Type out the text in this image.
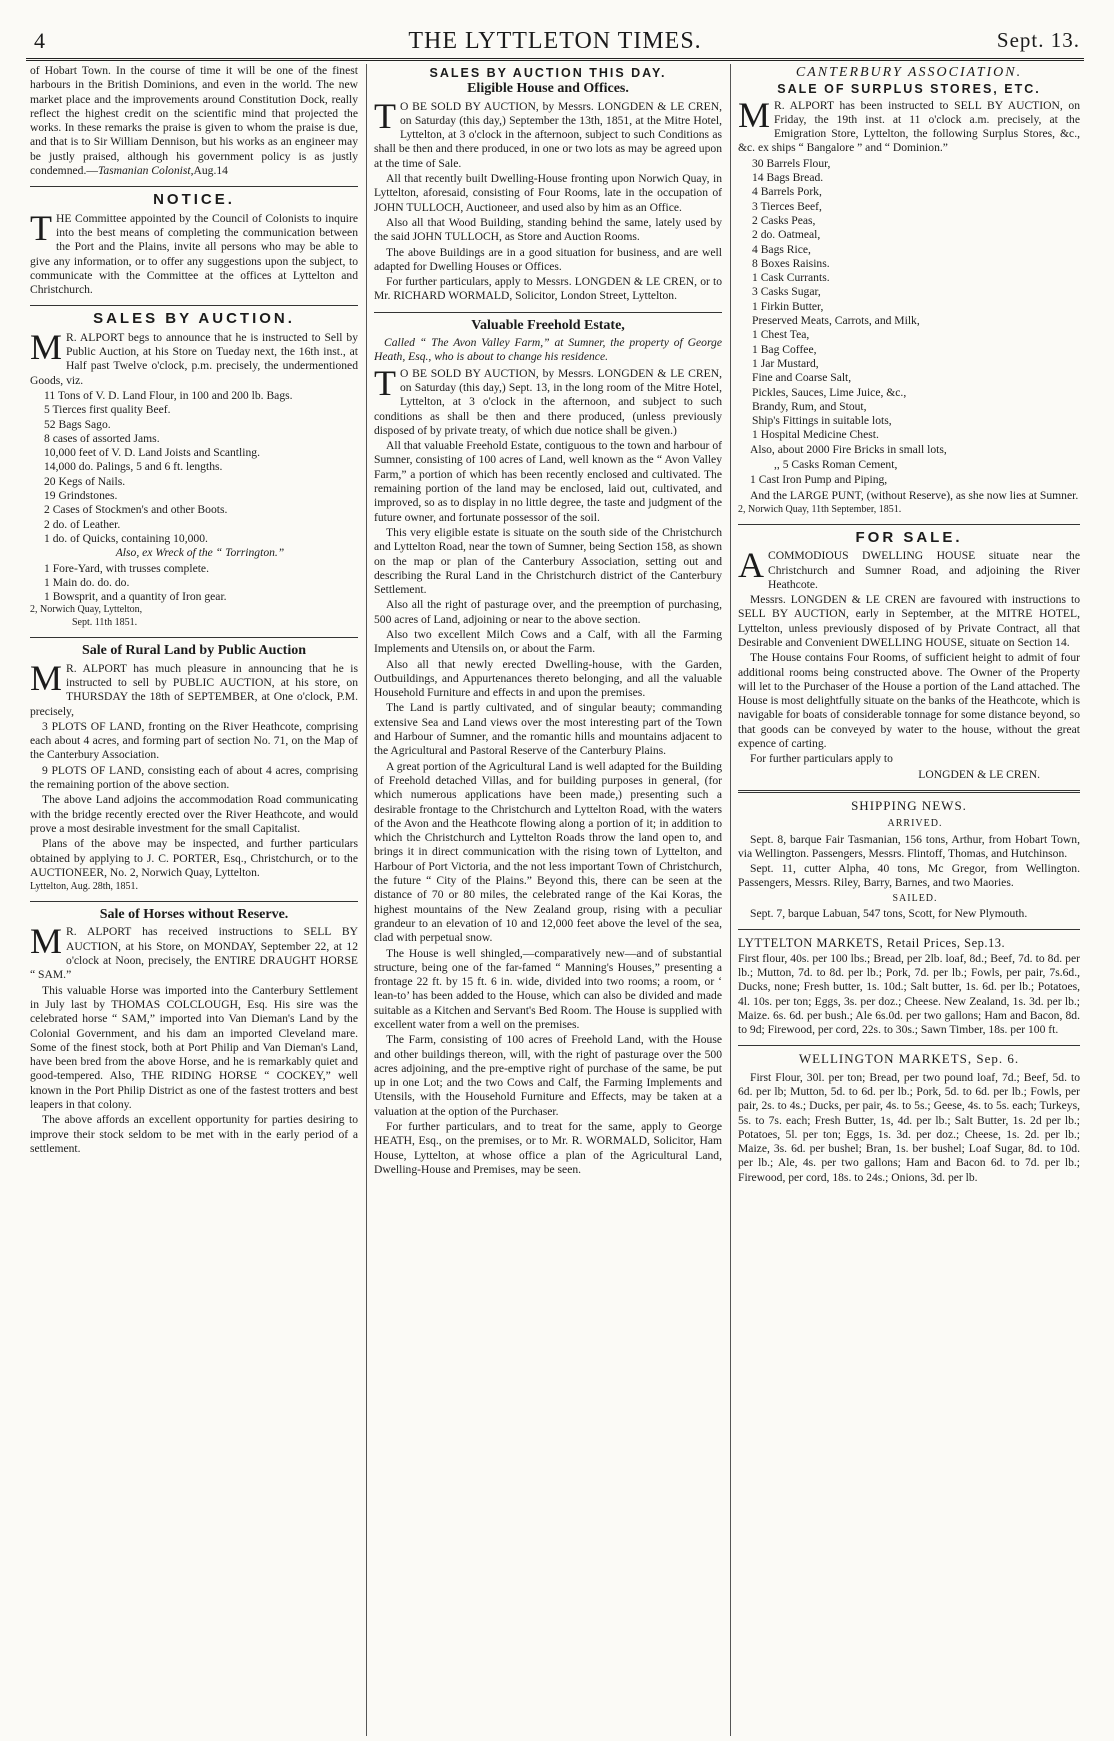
4	THE LYTTLETON TIMES.	Sept. 13.

of Hobart Town. In the course of time it will be one of the finest harbours in the British Dominions, and even in the world. The new market place and the improvements around Constitution Dock, really reflect the highest credit on the scientific mind that projected the works. In these remarks the praise is given to whom the praise is due, and that is to Sir William Dennison, but his works as an engineer may be justly praised, although his government policy is as justly condemned.—Tasmanian Colonist,Aug.14

NOTICE.

THE Committee appointed by the Council of Colonists to inquire into the best means of completing the communication between the Port and the Plains, invite all persons who may be able to give any information, or to offer any suggestions upon the subject, to communicate with the Committee at the offices at Lyttelton and Christchurch.

SALES BY AUCTION.

M R. ALPORT begs to announce that he is instructed to Sell by Public Auction, at his Store on Tueday next, the 16th inst., at Half past Twelve o'clock, p.m. precisely, the undermentioned Goods, viz.

11 Tons of V. D. Land Flour, in 100 and 200 lb. Bags.
5 Tierces first quality Beef.
52 Bags Sago.
8 cases of assorted Jams.
10,000 feet of V. D. Land Joists and Scantling.
14,000 do. Palings, 5 and 6 ft. lengths.
20 Kegs of Nails.
19 Grindstones.
2 Cases of Stockmen's and other Boots.
2 do. of Leather.
1 do. of Quicks, containing 10,000.

Also, ex Wreck of the “ Torrington.”

1 Fore-Yard, with trusses complete.
1 Main do. do. do.
1 Bowsprit, and a quantity of Iron gear.

2, Norwich Quay, Lyttelton,

Sept. 11th 1851.

Sale of Rural Land by Public Auction

M R. ALPORT has much pleasure in announcing that he is instructed to sell by PUBLIC AUCTION, at his store, on THURSDAY the 18th of SEPTEMBER, at One o'clock, P.M. precisely,

3 PLOTS OF LAND, fronting on the River Heathcote, comprising each about 4 acres, and forming part of section No. 71, on the Map of the Canterbury Association.

9 PLOTS OF LAND, consisting each of about 4 acres, comprising the remaining portion of the above section.

The above Land adjoins the accommodation Road communicating with the bridge recently erected over the River Heathcote, and would prove a most desirable investment for the small Capitalist.

Plans of the above may be inspected, and further particulars obtained by applying to J. C. PORTER, Esq., Christchurch, or to the AUCTIONEER, No. 2, Norwich Quay, Lyttelton.

Lyttelton, Aug. 28th, 1851.

Sale of Horses without Reserve.

M R. ALPORT has received instructions to SELL BY AUCTION, at his Store, on MONDAY, September 22, at 12 o'clock at Noon, precisely, the ENTIRE DRAUGHT HORSE “ SAM.”

This valuable Horse was imported into the Canterbury Settlement in July last by THOMAS COLCLOUGH, Esq. His sire was the celebrated horse “ SAM,” imported into Van Dieman's Land by the Colonial Government, and his dam an imported Cleveland mare. Some of the finest stock, both at Port Philip and Van Dieman's Land, have been bred from the above Horse, and he is remarkably quiet and good-tempered. Also, THE RIDING HORSE “ COCKEY,” well known in the Port Philip District as one of the fastest trotters and best leapers in that colony.

The above affords an excellent opportunity for parties desiring to improve their stock seldom to be met with in the early period of a settlement.

SALES BY AUCTION THIS DAY.
Eligible House and Offices.

T O BE SOLD BY AUCTION, by Messrs. LONGDEN & LE CREN, on Saturday (this day,) September the 13th, 1851, at the Mitre Hotel, Lyttelton, at 3 o'clock in the afternoon, subject to such Conditions as shall be then and there produced, in one or two lots as may be agreed upon at the time of Sale.

All that recently built Dwelling-House fronting upon Norwich Quay, in Lyttelton, aforesaid, consisting of Four Rooms, late in the occupation of JOHN TULLOCH, Auctioneer, and used also by him as an Office.

Also all that Wood Building, standing behind the same, lately used by the said JOHN TULLOCH, as Store and Auction Rooms.

The above Buildings are in a good situation for business, and are well adapted for Dwelling Houses or Offices.

For further particulars, apply to Messrs. LONGDEN & LE CREN, or to Mr. RICHARD WORMALD, Solicitor, London Street, Lyttelton.

Valuable Freehold Estate,

Called “ The Avon Valley Farm,” at Sumner, the property of George Heath, Esq., who is about to change his residence.

T O BE SOLD BY AUCTION, by Messrs. LONGDEN & LE CREN, on Saturday (this day,) Sept. 13, in the long room of the Mitre Hotel, Lyttelton, at 3 o'clock in the afternoon, and subject to such conditions as shall be then and there produced, (unless previously disposed of by private treaty, of which due notice shall be given.)

All that valuable Freehold Estate, contiguous to the town and harbour of Sumner, consisting of 100 acres of Land, well known as the “ Avon Valley Farm,” a portion of which has been recently enclosed and cultivated. The remaining portion of the land may be enclosed, laid out, cultivated, and improved, so as to display in no little degree, the taste and judgment of the future owner, and fortunate possessor of the soil.

This very eligible estate is situate on the south side of the Christchurch and Lyttelton Road, near the town of Sumner, being Section 158, as shown on the map or plan of the Canterbury Association, setting out and describing the Rural Land in the Christchurch district of the Canterbury Settlement.

Also all the right of pasturage over, and the preemption of purchasing, 500 acres of Land, adjoining or near to the above section.

Also two excellent Milch Cows and a Calf, with all the Farming Implements and Utensils on, or about the Farm.

Also all that newly erected Dwelling-house, with the Garden, Outbuildings, and Appurtenances thereto belonging, and all the valuable Household Furniture and effects in and upon the premises.

The Land is partly cultivated, and of singular beauty; commanding extensive Sea and Land views over the most interesting part of the Town and Harbour of Sumner, and the romantic hills and mountains adjacent to the Agricultural and Pastoral Reserve of the Canterbury Plains.

A great portion of the Agricultural Land is well adapted for the Building of Freehold detached Villas, and for building purposes in general, (for which numerous applications have been made,) presenting such a desirable frontage to the Christchurch and Lyttelton Road, with the waters of the Avon and the Heathcote flowing along a portion of it; in addition to which the Christchurch and Lyttelton Roads throw the land open to, and brings it in direct communication with the rising town of Lyttelton, and Harbour of Port Victoria, and the not less important Town of Christchurch, the future “ City of the Plains.” Beyond this, there can be seen at the distance of 70 or 80 miles, the celebrated range of the Kai Koras, the highest mountains of the New Zealand group, rising with a peculiar grandeur to an elevation of 10 and 12,000 feet above the level of the sea, clad with perpetual snow.

The House is well shingled,—comparatively new—and of substantial structure, being one of the far-famed “ Manning's Houses,” presenting a frontage 22 ft. by 15 ft. 6 in. wide, divided into two rooms; a room, or ‘ lean-to’ has been added to the House, which can also be divided and made suitable as a Kitchen and Servant's Bed Room. The House is supplied with excellent water from a well on the premises.

The Farm, consisting of 100 acres of Freehold Land, with the House and other buildings thereon, will, with the right of pasturage over the 500 acres adjoining, and the pre-emptive right of purchase of the same, be put up in one Lot; and the two Cows and Calf, the Farming Implements and Utensils, with the Household Furniture and Effects, may be taken at a valuation at the option of the Purchaser.

For further particulars, and to treat for the same, apply to George HEATH, Esq., on the premises, or to Mr. R. WORMALD, Solicitor, Ham House, Lyttelton, at whose office a plan of the Agricultural Land, Dwelling-House and Premises, may be seen.

CANTERBURY ASSOCIATION.
SALE OF SURPLUS STORES, ETC.

M R. ALPORT has been instructed to SELL BY AUCTION, on Friday, the 19th inst. at 11 o'clock a.m. precisely, at the Emigration Store, Lyttelton, the following Surplus Stores, &c., &c. ex ships “ Bangalore ” and “ Dominion.”

30 Barrels Flour,
14 Bags Bread.
4 Barrels Pork,
3 Tierces Beef,
2 Casks Peas,
2 do. Oatmeal,
4 Bags Rice,
8 Boxes Raisins.
1 Cask Currants.
3 Casks Sugar,
1 Firkin Butter,
Preserved Meats, Carrots, and Milk,
1 Chest Tea,
1 Bag Coffee,
1 Jar Mustard,
Fine and Coarse Salt,
Pickles, Sauces, Lime Juice, &c.,
Brandy, Rum, and Stout,
Ship's Fittings in suitable lots,
1 Hospital Medicine Chest.

Also, about 2000 Fire Bricks in small lots,

,, 5 Casks Roman Cement,

1 Cast Iron Pump and Piping,

And the LARGE PUNT, (without Reserve), as she now lies at Sumner.

2, Norwich Quay, 11th September, 1851.

FOR SALE.

ACOMMODIOUS DWELLING HOUSE situate near the Christchurch and Sumner Road, and adjoining the River Heathcote.

Messrs. LONGDEN & LE CREN are favoured with instructions to SELL BY AUCTION, early in September, at the MITRE HOTEL, Lyttelton, unless previously disposed of by Private Contract, all that Desirable and Convenient DWELLING HOUSE, situate on Section 14.

The House contains Four Rooms, of sufficient height to admit of four additional rooms being constructed above. The Owner of the Property will let to the Purchaser of the House a portion of the Land attached. The House is most delightfully situate on the banks of the Heathcote, which is navigable for boats of considerable tonnage for some distance beyond, so that goods can be conveyed by water to the house, without the great expence of carting.

For further particulars apply to

LONGDEN & LE CREN.

SHIPPING NEWS.

ARRIVED.

Sept. 8, barque Fair Tasmanian, 156 tons, Arthur, from Hobart Town, via Wellington. Passengers, Messrs. Flintoff, Thomas, and Hutchinson.

Sept. 11, cutter Alpha, 40 tons, Mc Gregor, from Wellington. Passengers, Messrs. Riley, Barry, Barnes, and two Maories.

SAILED.

Sept. 7, barque Labuan, 547 tons, Scott, for New Plymouth.

LYTTELTON MARKETS, Retail Prices, Sep.13.

First flour, 40s. per 100 lbs.; Bread, per 2lb. loaf, 8d.; Beef, 7d. to 8d. per lb.; Mutton, 7d. to 8d. per lb.; Pork, 7d. per lb.; Fowls, per pair, 7s.6d., Ducks, none; Fresh butter, 1s. 10d.; Salt butter, 1s. 6d. per lb.; Potatoes, 4l. 10s. per ton; Eggs, 3s. per doz.; Cheese. New Zealand, 1s. 3d. per lb.; Maize. 6s. 6d. per bush.; Ale 6s.0d. per two gallons; Ham and Bacon, 8d. to 9d; Firewood, per cord, 22s. to 30s.; Sawn Timber, 18s. per 100 ft.

WELLINGTON MARKETS, Sep. 6.

First Flour, 30l. per ton; Bread, per two pound loaf, 7d.; Beef, 5d. to 6d. per lb; Mutton, 5d. to 6d. per lb.; Pork, 5d. to 6d. per lb.; Fowls, per pair, 2s. to 4s.; Ducks, per pair, 4s. to 5s.; Geese, 4s. to 5s. each; Turkeys, 5s. to 7s. each; Fresh Butter, 1s, 4d. per lb.; Salt Butter, 1s. 2d per lb.; Potatoes, 5l. per ton; Eggs, 1s. 3d. per doz.; Cheese, 1s. 2d. per lb.; Maize, 3s. 6d. per bushel; Bran, 1s. ber bushel; Loaf Sugar, 8d. to 10d. per lb.; Ale, 4s. per two gallons; Ham and Bacon 6d. to 7d. per lb.; Firewood, per cord, 18s. to 24s.; Onions, 3d. per lb.
